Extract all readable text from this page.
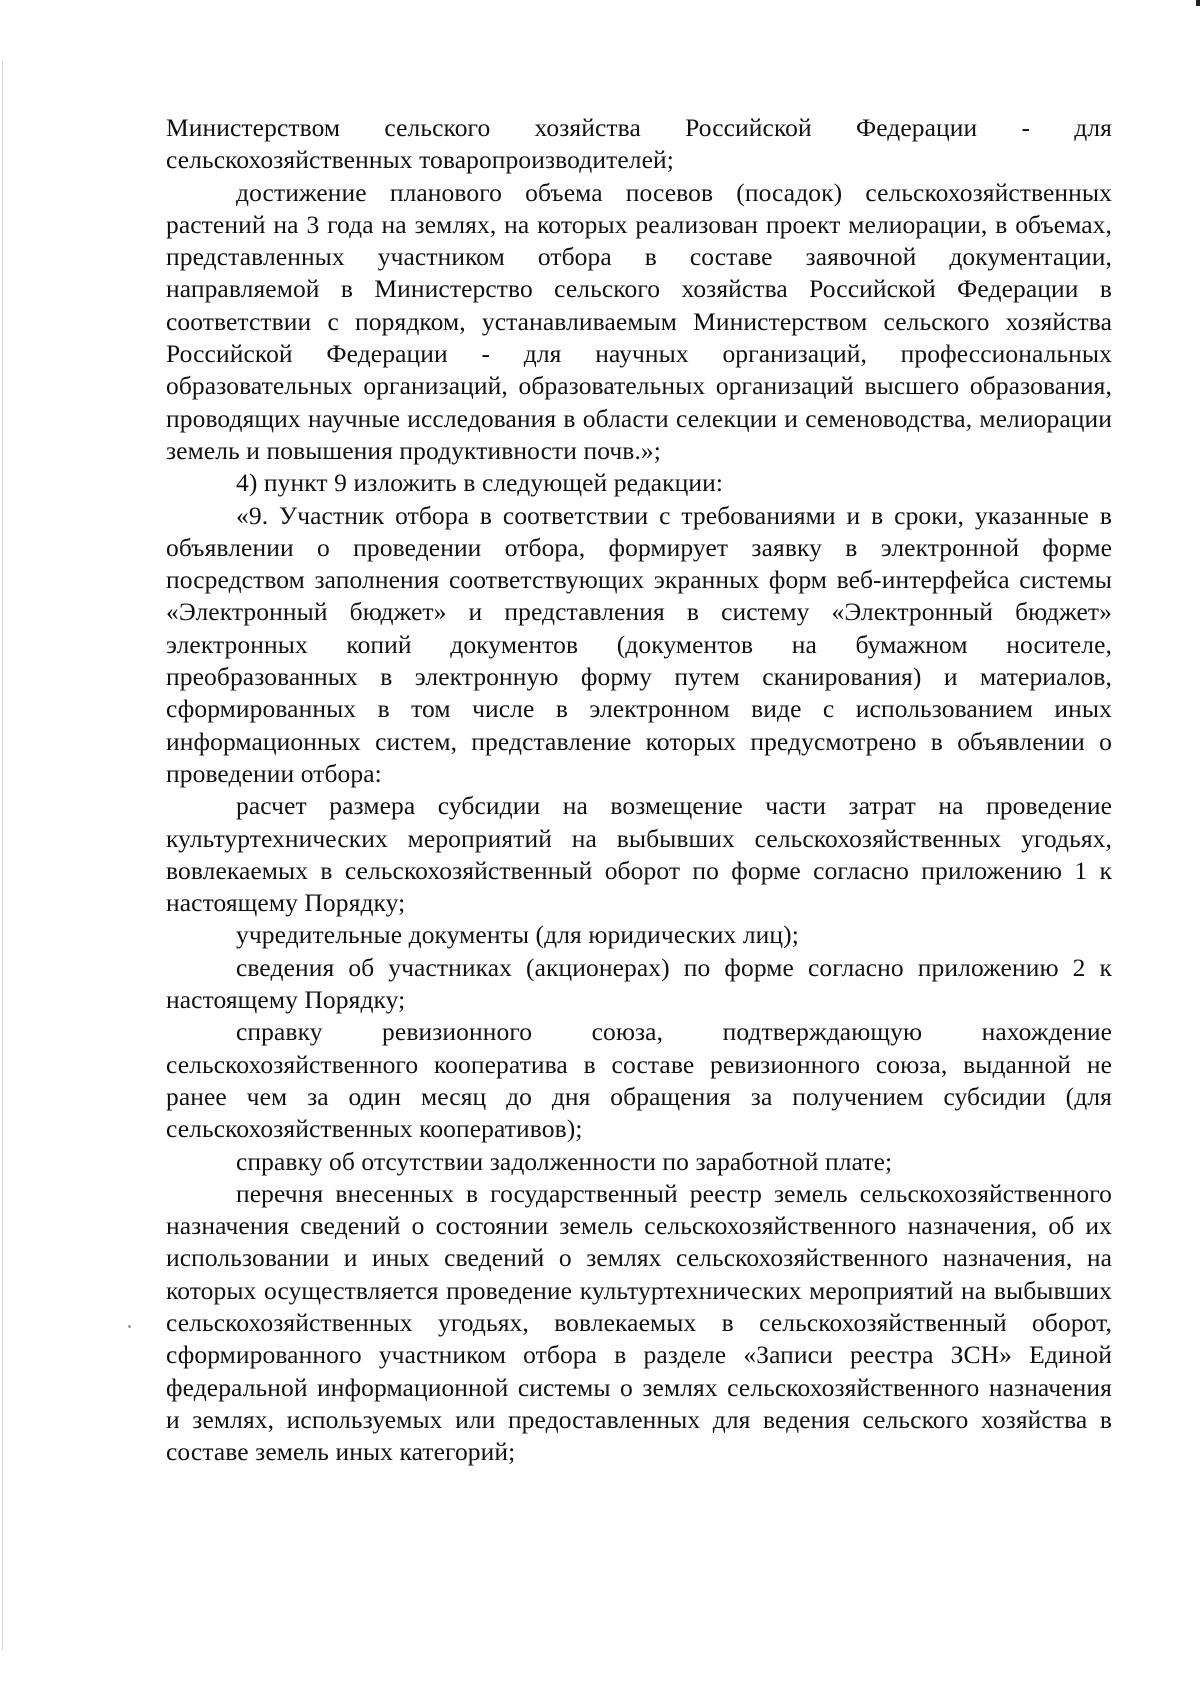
Министерством сельского хозяйства Российской Федерации - для сельскохозяйственных товаропроизводителей;

достижение планового объема посевов (посадок) сельскохозяйственных растений на 3 года на землях, на которых реализован проект мелиорации, в объемах, представленных участником отбора в составе заявочной документации, направляемой в Министерство сельского хозяйства Российской Федерации в соответствии с порядком, устанавливаемым Министерством сельского хозяйства Российской Федерации - для научных организаций, профессиональных образовательных организаций, образовательных организаций высшего образования, проводящих научные исследования в области селекции и семеноводства, мелиорации земель и повышения продуктивности почв.»;

4) пункт 9 изложить в следующей редакции:

«9. Участник отбора в соответствии с требованиями и в сроки, указанные в объявлении о проведении отбора, формирует заявку в электронной форме посредством заполнения соответствующих экранных форм веб-интерфейса системы «Электронный бюджет» и представления в систему «Электронный бюджет» электронных копий документов (документов на бумажном носителе, преобразованных в электронную форму путем сканирования) и материалов, сформированных в том числе в электронном виде с использованием иных информационных систем, представление которых предусмотрено в объявлении о проведении отбора:

расчет размера субсидии на возмещение части затрат на проведение культуртехнических мероприятий на выбывших сельскохозяйственных угодьях, вовлекаемых в сельскохозяйственный оборот по форме согласно приложению 1 к настоящему Порядку;

учредительные документы (для юридических лиц);

сведения об участниках (акционерах) по форме согласно приложению 2 к настоящему Порядку;

справку ревизионного союза, подтверждающую нахождение сельскохозяйственного кооператива в составе ревизионного союза, выданной не ранее чем за один месяц до дня обращения за получением субсидии (для сельскохозяйственных кооперативов);

справку об отсутствии задолженности по заработной плате;

перечня внесенных в государственный реестр земель сельскохозяйственного назначения сведений о состоянии земель сельскохозяйственного назначения, об их использовании и иных сведений о землях сельскохозяйственного назначения, на которых осуществляется проведение культуртехнических мероприятий на выбывших сельскохозяйственных угодьях, вовлекаемых в сельскохозяйственный оборот, сформированного участником отбора в разделе «Записи реестра ЗСН» Единой федеральной информационной системы о землях сельскохозяйственного назначения и землях, используемых или предоставленных для ведения сельского хозяйства в составе земель иных категорий;
